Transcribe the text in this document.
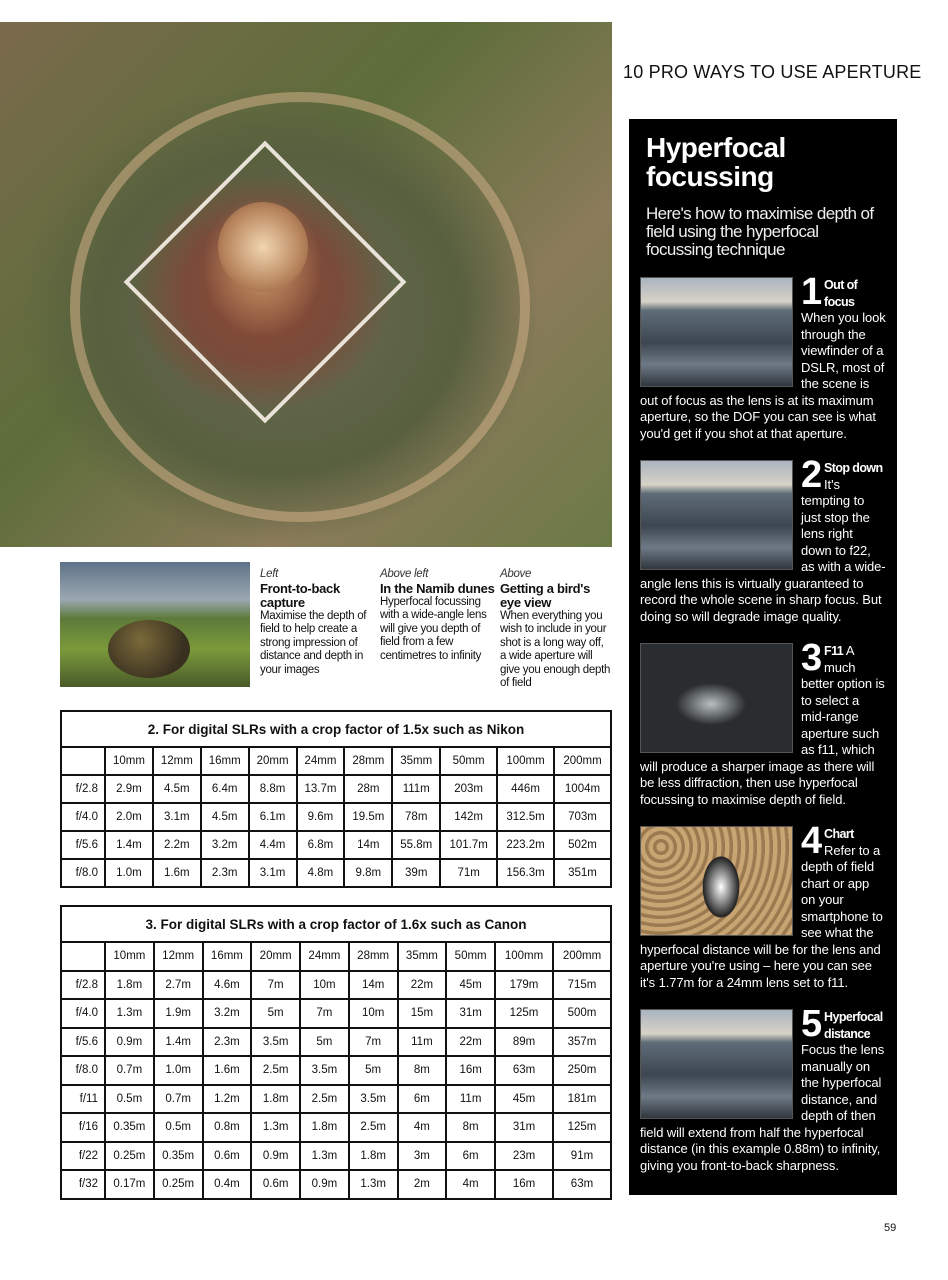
10 PRO WAYS TO USE APERTURE
Left
Front-to-back capture
Maximise the depth of field to help create a strong impression of distance and depth in your images
Above left
In the Namib dunes
Hyperfocal focussing with a wide-angle lens will give you depth of field from a few centimetres to infinity
Above
Getting a bird's eye view
When everything you wish to include in your shot is a long way off, a wide aperture will give you enough depth of field
2. For digital SLRs with a crop factor of 1.5x such as Nikon										
	10mm	12mm	16mm	20mm	24mm	28mm	35mm	50mm	100mm	200mm
f/2.8	2.9m	4.5m	6.4m	8.8m	13.7m	28m	111m	203m	446m	1004m
f/4.0	2.0m	3.1m	4.5m	6.1m	9.6m	19.5m	78m	142m	312.5m	703m
f/5.6	1.4m	2.2m	3.2m	4.4m	6.8m	14m	55.8m	101.7m	223.2m	502m
f/8.0	1.0m	1.6m	2.3m	3.1m	4.8m	9.8m	39m	71m	156.3m	351m
3. For digital SLRs with a crop factor of 1.6x such as Canon										
	10mm	12mm	16mm	20mm	24mm	28mm	35mm	50mm	100mm	200mm
f/2.8	1.8m	2.7m	4.6m	7m	10m	14m	22m	45m	179m	715m
f/4.0	1.3m	1.9m	3.2m	5m	7m	10m	15m	31m	125m	500m
f/5.6	0.9m	1.4m	2.3m	3.5m	5m	7m	11m	22m	89m	357m
f/8.0	0.7m	1.0m	1.6m	2.5m	3.5m	5m	8m	16m	63m	250m
f/11	0.5m	0.7m	1.2m	1.8m	2.5m	3.5m	6m	11m	45m	181m
f/16	0.35m	0.5m	0.8m	1.3m	1.8m	2.5m	4m	8m	31m	125m
f/22	0.25m	0.35m	0.6m	0.9m	1.3m	1.8m	3m	6m	23m	91m
f/32	0.17m	0.25m	0.4m	0.6m	0.9m	1.3m	2m	4m	16m	63m
Hyperfocal focussing
Here's how to maximise depth of field using the hyperfocal focussing technique
1 Out of focus When you look through the viewfinder of a DSLR, most of the scene is out of focus as the lens is at its maximum aperture, so the DOF you can see is what you'd get if you shot at that aperture.
2 Stop down It's tempting to just stop the lens right down to f22, as with a wide-angle lens this is virtually guaranteed to record the whole scene in sharp focus. But doing so will degrade image quality.
3 F11 A much better option is to select a mid-range aperture such as f11, which will produce a sharper image as there will be less diffraction, then use hyperfocal focussing to maximise depth of field.
4 Chart Refer to a depth of field chart or app on your smartphone to see what the hyperfocal distance will be for the lens and aperture you're using – here you can see it's 1.77m for a 24mm lens set to f11.
5 Hyperfocal distance Focus the lens manually on the hyperfocal distance, and depth of then field will extend from half the hyperfocal distance (in this example 0.88m) to infinity, giving you front-to-back sharpness.
59
